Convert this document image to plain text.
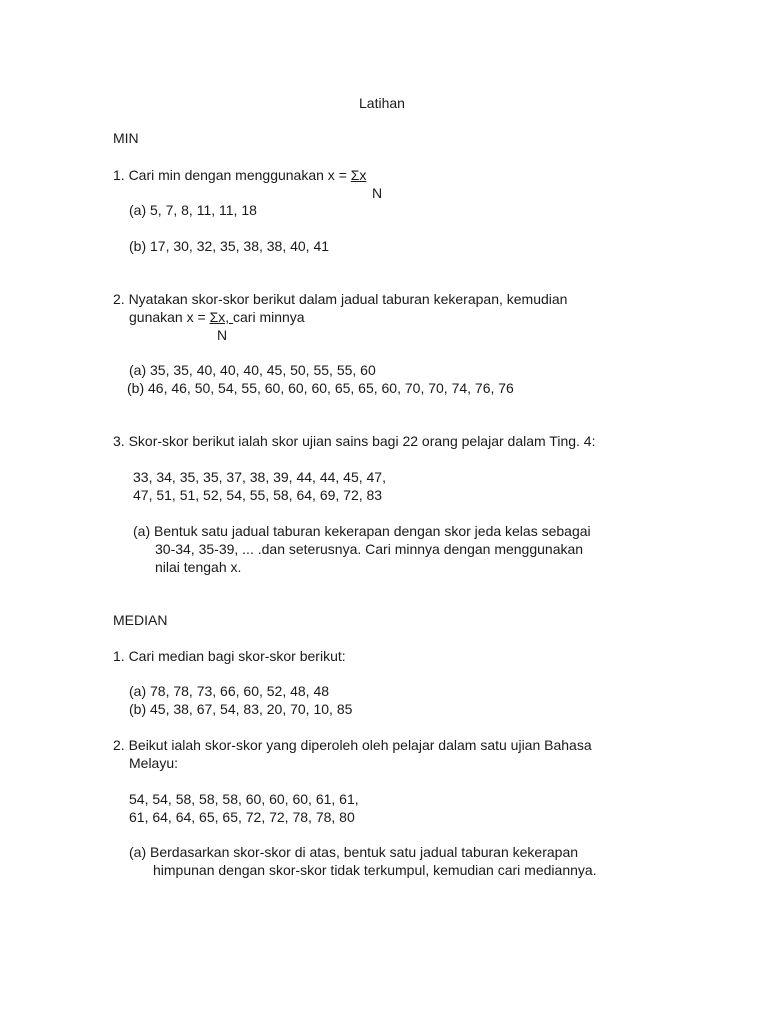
Latihan
MIN
1. Cari min dengan menggunakan x = Σx
N
(a) 5, 7, 8, 11, 11, 18
(b) 17, 30, 32, 35, 38, 38, 40, 41
2. Nyatakan skor-skor berikut dalam jadual taburan kekerapan, kemudian
gunakan x = Σx, cari minnya
N
(a) 35, 35, 40, 40, 40, 45, 50, 55, 55, 60
(b) 46, 46, 50, 54, 55, 60, 60, 60, 65, 65, 60, 70, 70, 74, 76, 76
3. Skor-skor berikut ialah skor ujian sains bagi 22 orang pelajar dalam Ting. 4:
33, 34, 35, 35, 37, 38, 39, 44, 44, 45, 47,
47, 51, 51, 52, 54, 55, 58, 64, 69, 72, 83
(a) Bentuk satu jadual taburan kekerapan dengan skor jeda kelas sebagai
30-34, 35-39, ... .dan seterusnya. Cari minnya dengan menggunakan
nilai tengah x.
MEDIAN
1. Cari median bagi skor-skor berikut:
(a) 78, 78, 73, 66, 60, 52, 48, 48
(b) 45, 38, 67, 54, 83, 20, 70, 10, 85
2. Beikut ialah skor-skor yang diperoleh oleh pelajar dalam satu ujian Bahasa
Melayu:
54, 54, 58, 58, 58, 60, 60, 60, 61, 61,
61, 64, 64, 65, 65, 72, 72, 78, 78, 80
(a) Berdasarkan skor-skor di atas, bentuk satu jadual taburan kekerapan
himpunan dengan skor-skor tidak terkumpul, kemudian cari mediannya.
